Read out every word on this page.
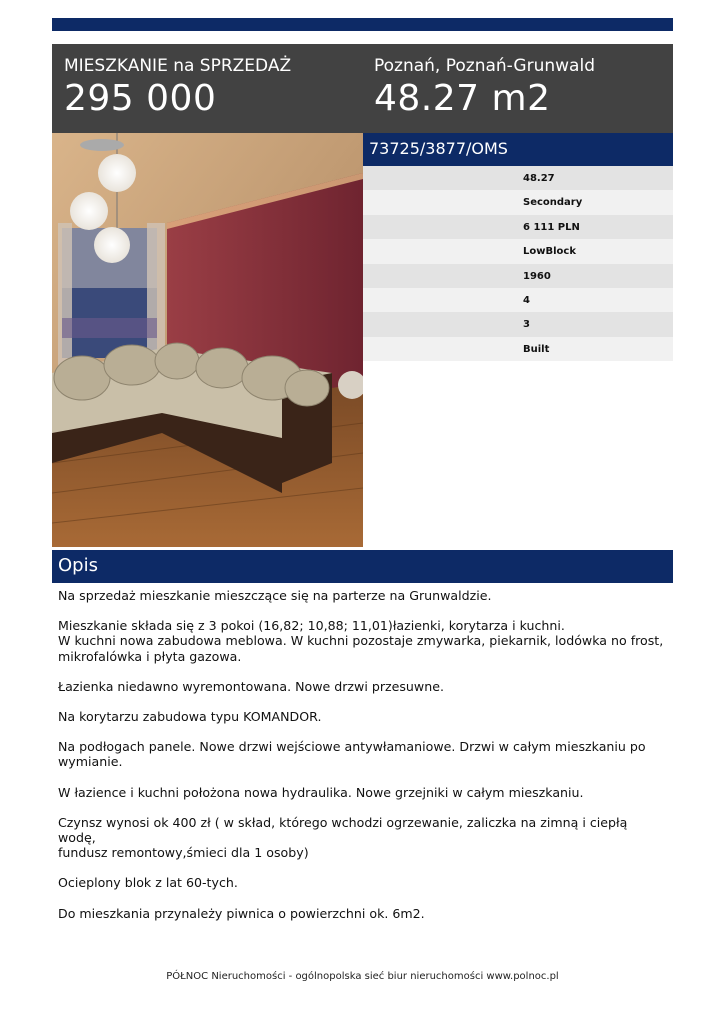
MIESZKANIE na SPRZEDAŻ
295 000
Poznań, Poznań-Grunwald
48.27 m2
73725/3877/OMS
48.27
Secondary
6 111 PLN
LowBlock
1960
4
3
Built
Opis

Na sprzedaż mieszkanie mieszczące się na parterze na Grunwaldzie.

Mieszkanie składa się z 3 pokoi (16,82; 10,88; 11,01)łazienki, korytarza i kuchni.
W kuchni nowa zabudowa meblowa. W kuchni pozostaje zmywarka, piekarnik, lodówka no frost,
mikrofalówka i płyta gazowa.

Łazienka niedawno wyremontowana. Nowe drzwi przesuwne.

Na korytarzu zabudowa typu KOMANDOR.

Na podłogach panele. Nowe drzwi wejściowe antywłamaniowe. Drzwi w całym mieszkaniu po
wymianie.

W łazience i kuchni położona nowa hydraulika. Nowe grzejniki w całym mieszkaniu.

Czynsz wynosi ok 400 zł ( w skład, którego wchodzi ogrzewanie, zaliczka na zimną i ciepłą wodę,
fundusz remontowy,śmieci dla 1 osoby)

Ocieplony blok z lat 60-tych.

Do mieszkania przynależy piwnica o powierzchni ok. 6m2.

PÓŁNOC Nieruchomości - ogólnopolska sieć biur nieruchomości www.polnoc.pl
